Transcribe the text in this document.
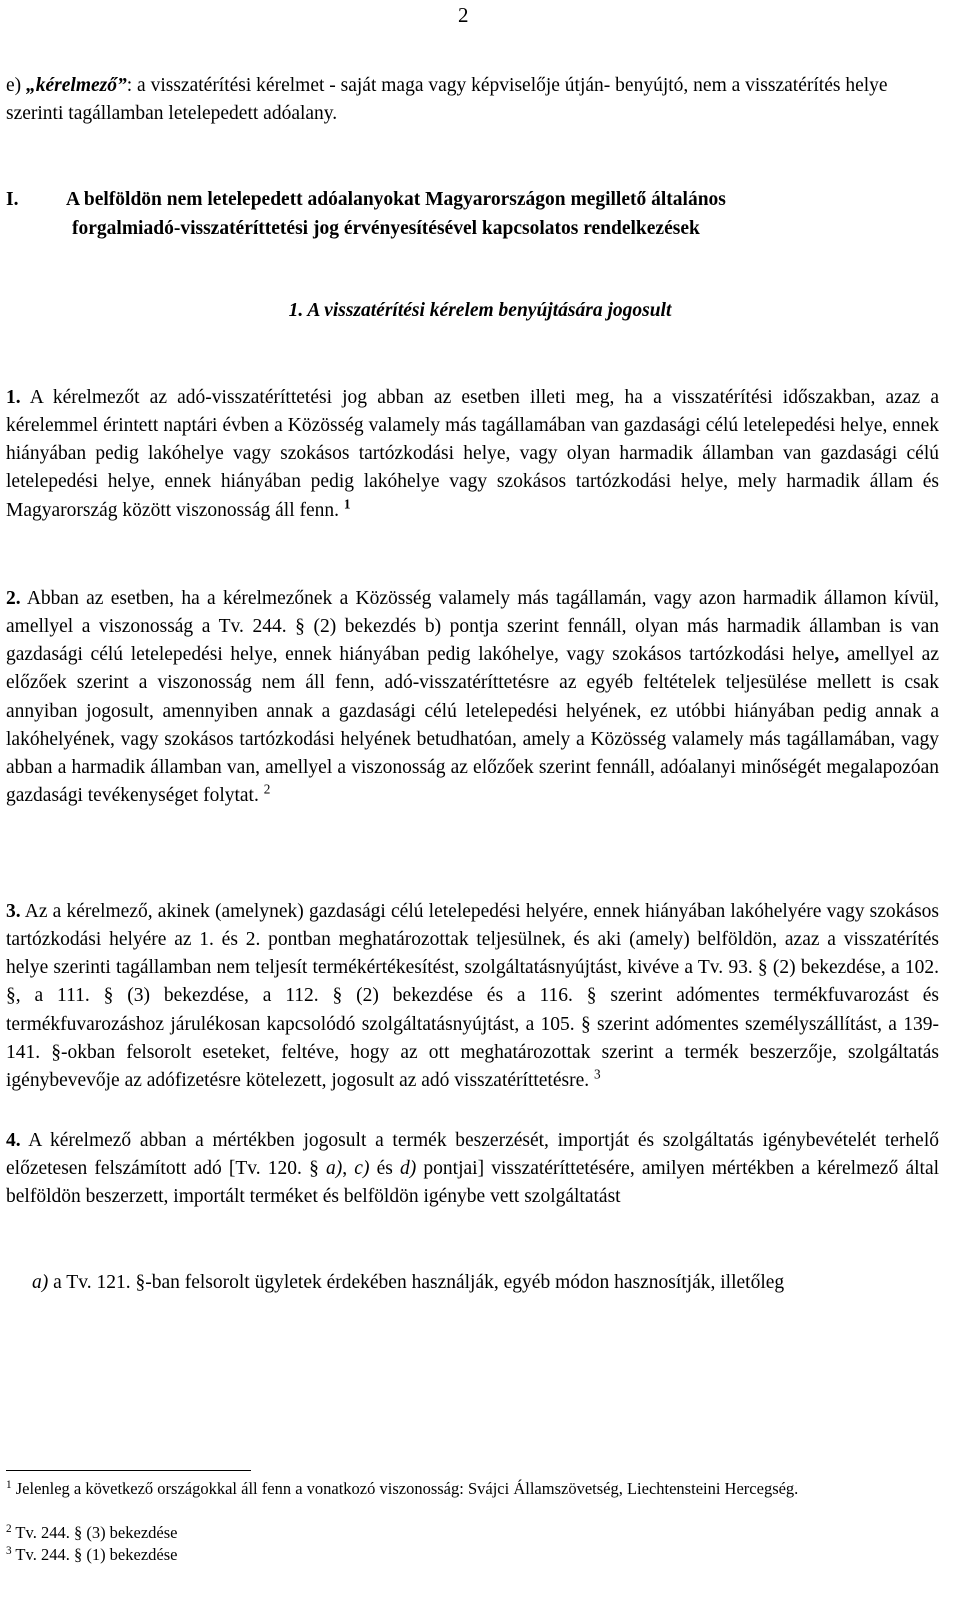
2
e) „kérelmező”: a visszatérítési kérelmet - saját maga vagy képviselője útján- benyújtó, nem a visszatérítés helye szerinti tagállamban letelepedett adóalany.
I. A belföldön nem letelepedett adóalanyokat Magyarországon megillető általános
forgalmiadó-visszatéríttetési jog érvényesítésével kapcsolatos rendelkezések
1. A visszatérítési kérelem benyújtására jogosult
1. A kérelmezőt az adó-visszatéríttetési jog abban az esetben illeti meg, ha a visszatérítési időszakban, azaz a kérelemmel érintett naptári évben a Közösség valamely más tagállamában van gazdasági célú letelepedési helye, ennek hiányában pedig lakóhelye vagy szokásos tartózkodási helye, vagy olyan harmadik államban van gazdasági célú letelepedési helye, ennek hiányában pedig lakóhelye vagy szokásos tartózkodási helye, mely harmadik állam és Magyarország között viszonosság áll fenn. $^1$
2. Abban az esetben, ha a kérelmezőnek a Közösség valamely más tagállamán, vagy azon harmadik államon kívül, amellyel a viszonosság a Tv. 244. § (2) bekezdés b) pontja szerint fennáll, olyan más harmadik államban is van gazdasági célú letelepedési helye, ennek hiányában pedig lakóhelye, vagy szokásos tartózkodási helye, amellyel az előzőek szerint a viszonosság nem áll fenn, adó-visszatéríttetésre az egyéb feltételek teljesülése mellett is csak annyiban jogosult, amennyiben annak a gazdasági célú letelepedési helyének, ez utóbbi hiányában pedig annak a lakóhelyének, vagy szokásos tartózkodási helyének betudhatóan, amely a Közösség valamely más tagállamában, vagy abban a harmadik államban van, amellyel a viszonosság az előzőek szerint fennáll, adóalanyi minőségét megalapozóan gazdasági tevékenységet folytat. $^2$
3. Az a kérelmező, akinek (amelynek) gazdasági célú letelepedési helyére, ennek hiányában lakóhelyére vagy szokásos tartózkodási helyére az 1. és 2. pontban meghatározottak teljesülnek, és aki (amely) belföldön, azaz a visszatérítés helye szerinti tagállamban nem teljesít termékértékesítést, szolgáltatásnyújtást, kivéve a Tv. 93. § (2) bekezdése, a 102. §, a 111. § (3) bekezdése, a 112. § (2) bekezdése és a 116. § szerint adómentes termékfuvarozást és termékfuvarozáshoz járulékosan kapcsolódó szolgáltatásnyújtást, a 105. § szerint adómentes személyszállítást, a 139-141. §-okban felsorolt eseteket, feltéve, hogy az ott meghatározottak szerint a termék beszerzője, szolgáltatás igénybevevője az adófizetésre kötelezett, jogosult az adó visszatéríttetésre. $^3$
4. A kérelmező abban a mértékben jogosult a termék beszerzését, importját és szolgáltatás igénybevételét terhelő előzetesen felszámított adó [Tv. 120. § a), c) és d) pontjai] visszatéríttetésére, amilyen mértékben a kérelmező által belföldön beszerzett, importált terméket és belföldön igénybe vett szolgáltatást
a) a Tv. 121. §-ban felsorolt ügyletek érdekében használják, egyéb módon hasznosítják, illetőleg
$^1$ Jelenleg a következő országokkal áll fenn a vonatkozó viszonosság: Svájci Államszövetség, Liechtensteini Hercegség.
$^2$ Tv. 244. § (3) bekezdése
$^3$ Tv. 244. § (1) bekezdése
